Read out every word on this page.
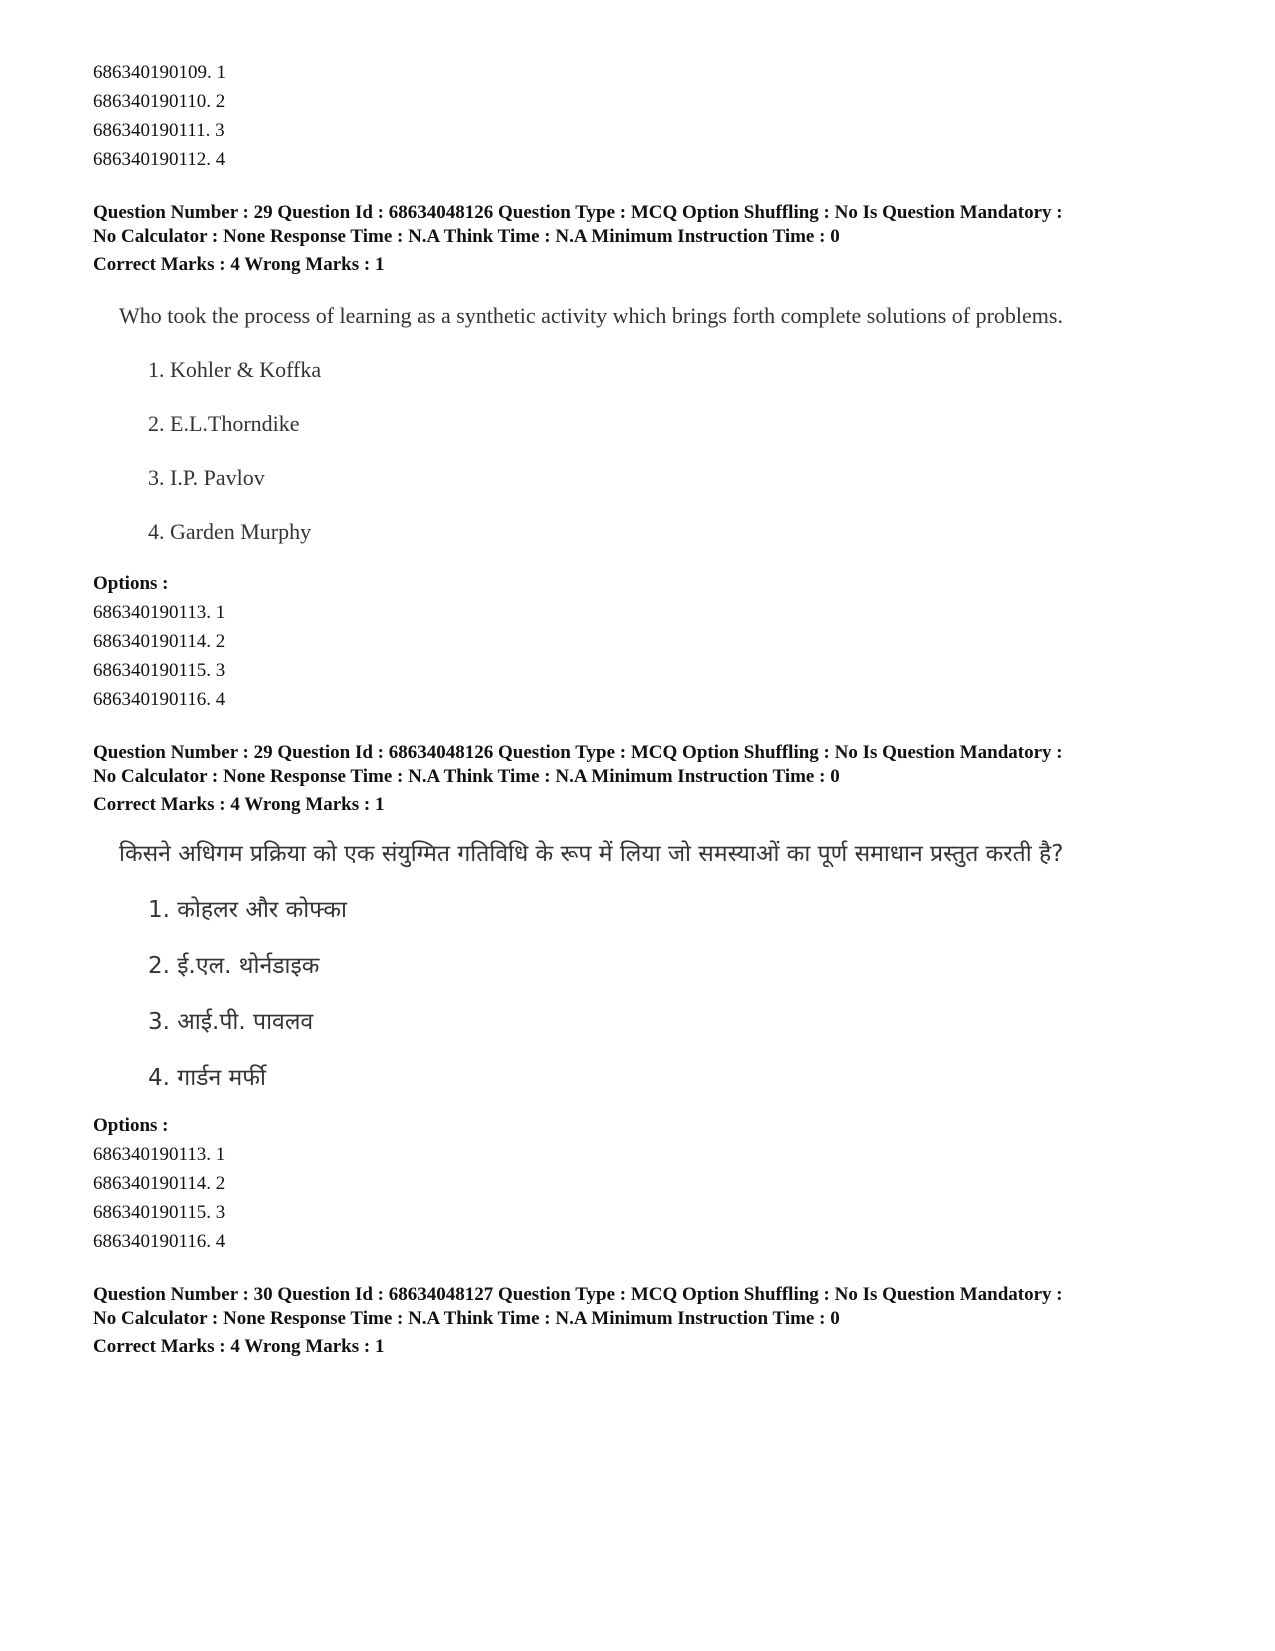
686340190109. 1
686340190110. 2
686340190111. 3
686340190112. 4
Question Number : 29 Question Id : 68634048126 Question Type : MCQ Option Shuffling : No Is Question Mandatory :
No Calculator : None Response Time : N.A Think Time : N.A Minimum Instruction Time : 0
Correct Marks : 4 Wrong Marks : 1
Who took the process of learning as a synthetic activity which brings forth complete solutions of problems.
1. Kohler & Koffka
2. E.L.Thorndike
3. I.P. Pavlov
4. Garden Murphy
Options :
686340190113. 1
686340190114. 2
686340190115. 3
686340190116. 4
Question Number : 29 Question Id : 68634048126 Question Type : MCQ Option Shuffling : No Is Question Mandatory :
No Calculator : None Response Time : N.A Think Time : N.A Minimum Instruction Time : 0
Correct Marks : 4 Wrong Marks : 1
किसने अधिगम प्रक्रिया को एक संयुग्मित गतिविधि के रूप में लिया जो समस्याओं का पूर्ण समाधान प्रस्तुत करती है?
1. कोहलर और कोफ्का
2. ई.एल. थोर्नडाइक
3. आई.पी. पावलव
4. गार्डन मर्फी
Options :
686340190113. 1
686340190114. 2
686340190115. 3
686340190116. 4
Question Number : 30 Question Id : 68634048127 Question Type : MCQ Option Shuffling : No Is Question Mandatory :
No Calculator : None Response Time : N.A Think Time : N.A Minimum Instruction Time : 0
Correct Marks : 4 Wrong Marks : 1
